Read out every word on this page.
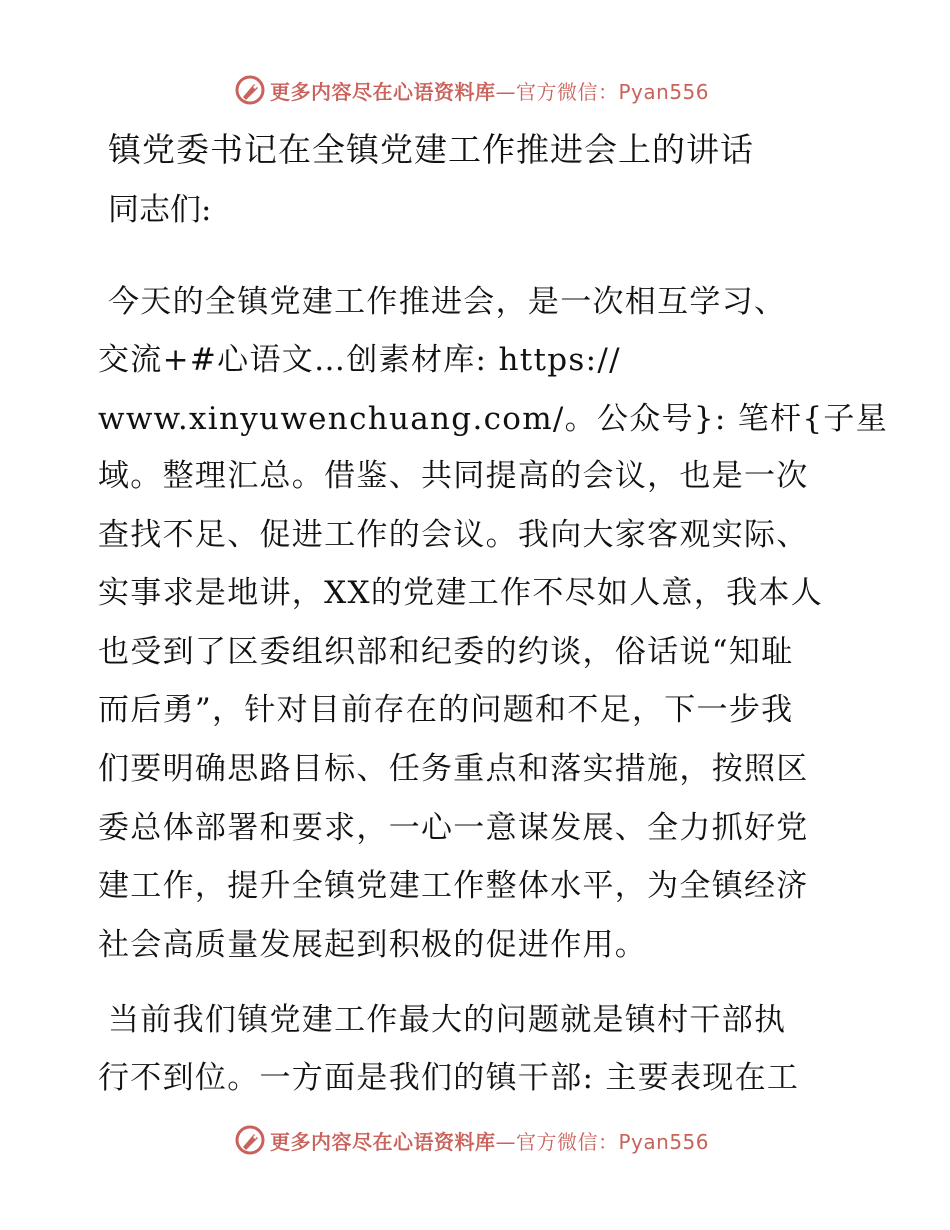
更多内容尽在心语资料库—官方微信：Pyan556
镇党委书记在全镇党建工作推进会上的讲话
同志们:
今天的全镇党建工作推进会，是一次相互学习、
交流+#心语文…创素材库: https://
www.xinyuwenchuang.com/。公众号}: 笔杆{子星
域。整理汇总。借鉴、共同提高的会议，也是一次
查找不足、促进工作的会议。我向大家客观实际、
实事求是地讲，XX的党建工作不尽如人意，我本人
也受到了区委组织部和纪委的约谈，俗话说“知耻
而后勇”，针对目前存在的问题和不足，下一步我
们要明确思路目标、任务重点和落实措施，按照区
委总体部署和要求，一心一意谋发展、全力抓好党
建工作，提升全镇党建工作整体水平，为全镇经济
社会高质量发展起到积极的促进作用。
当前我们镇党建工作最大的问题就是镇村干部执
行不到位。一方面是我们的镇干部: 主要表现在工
更多内容尽在心语资料库—官方微信：Pyan556
